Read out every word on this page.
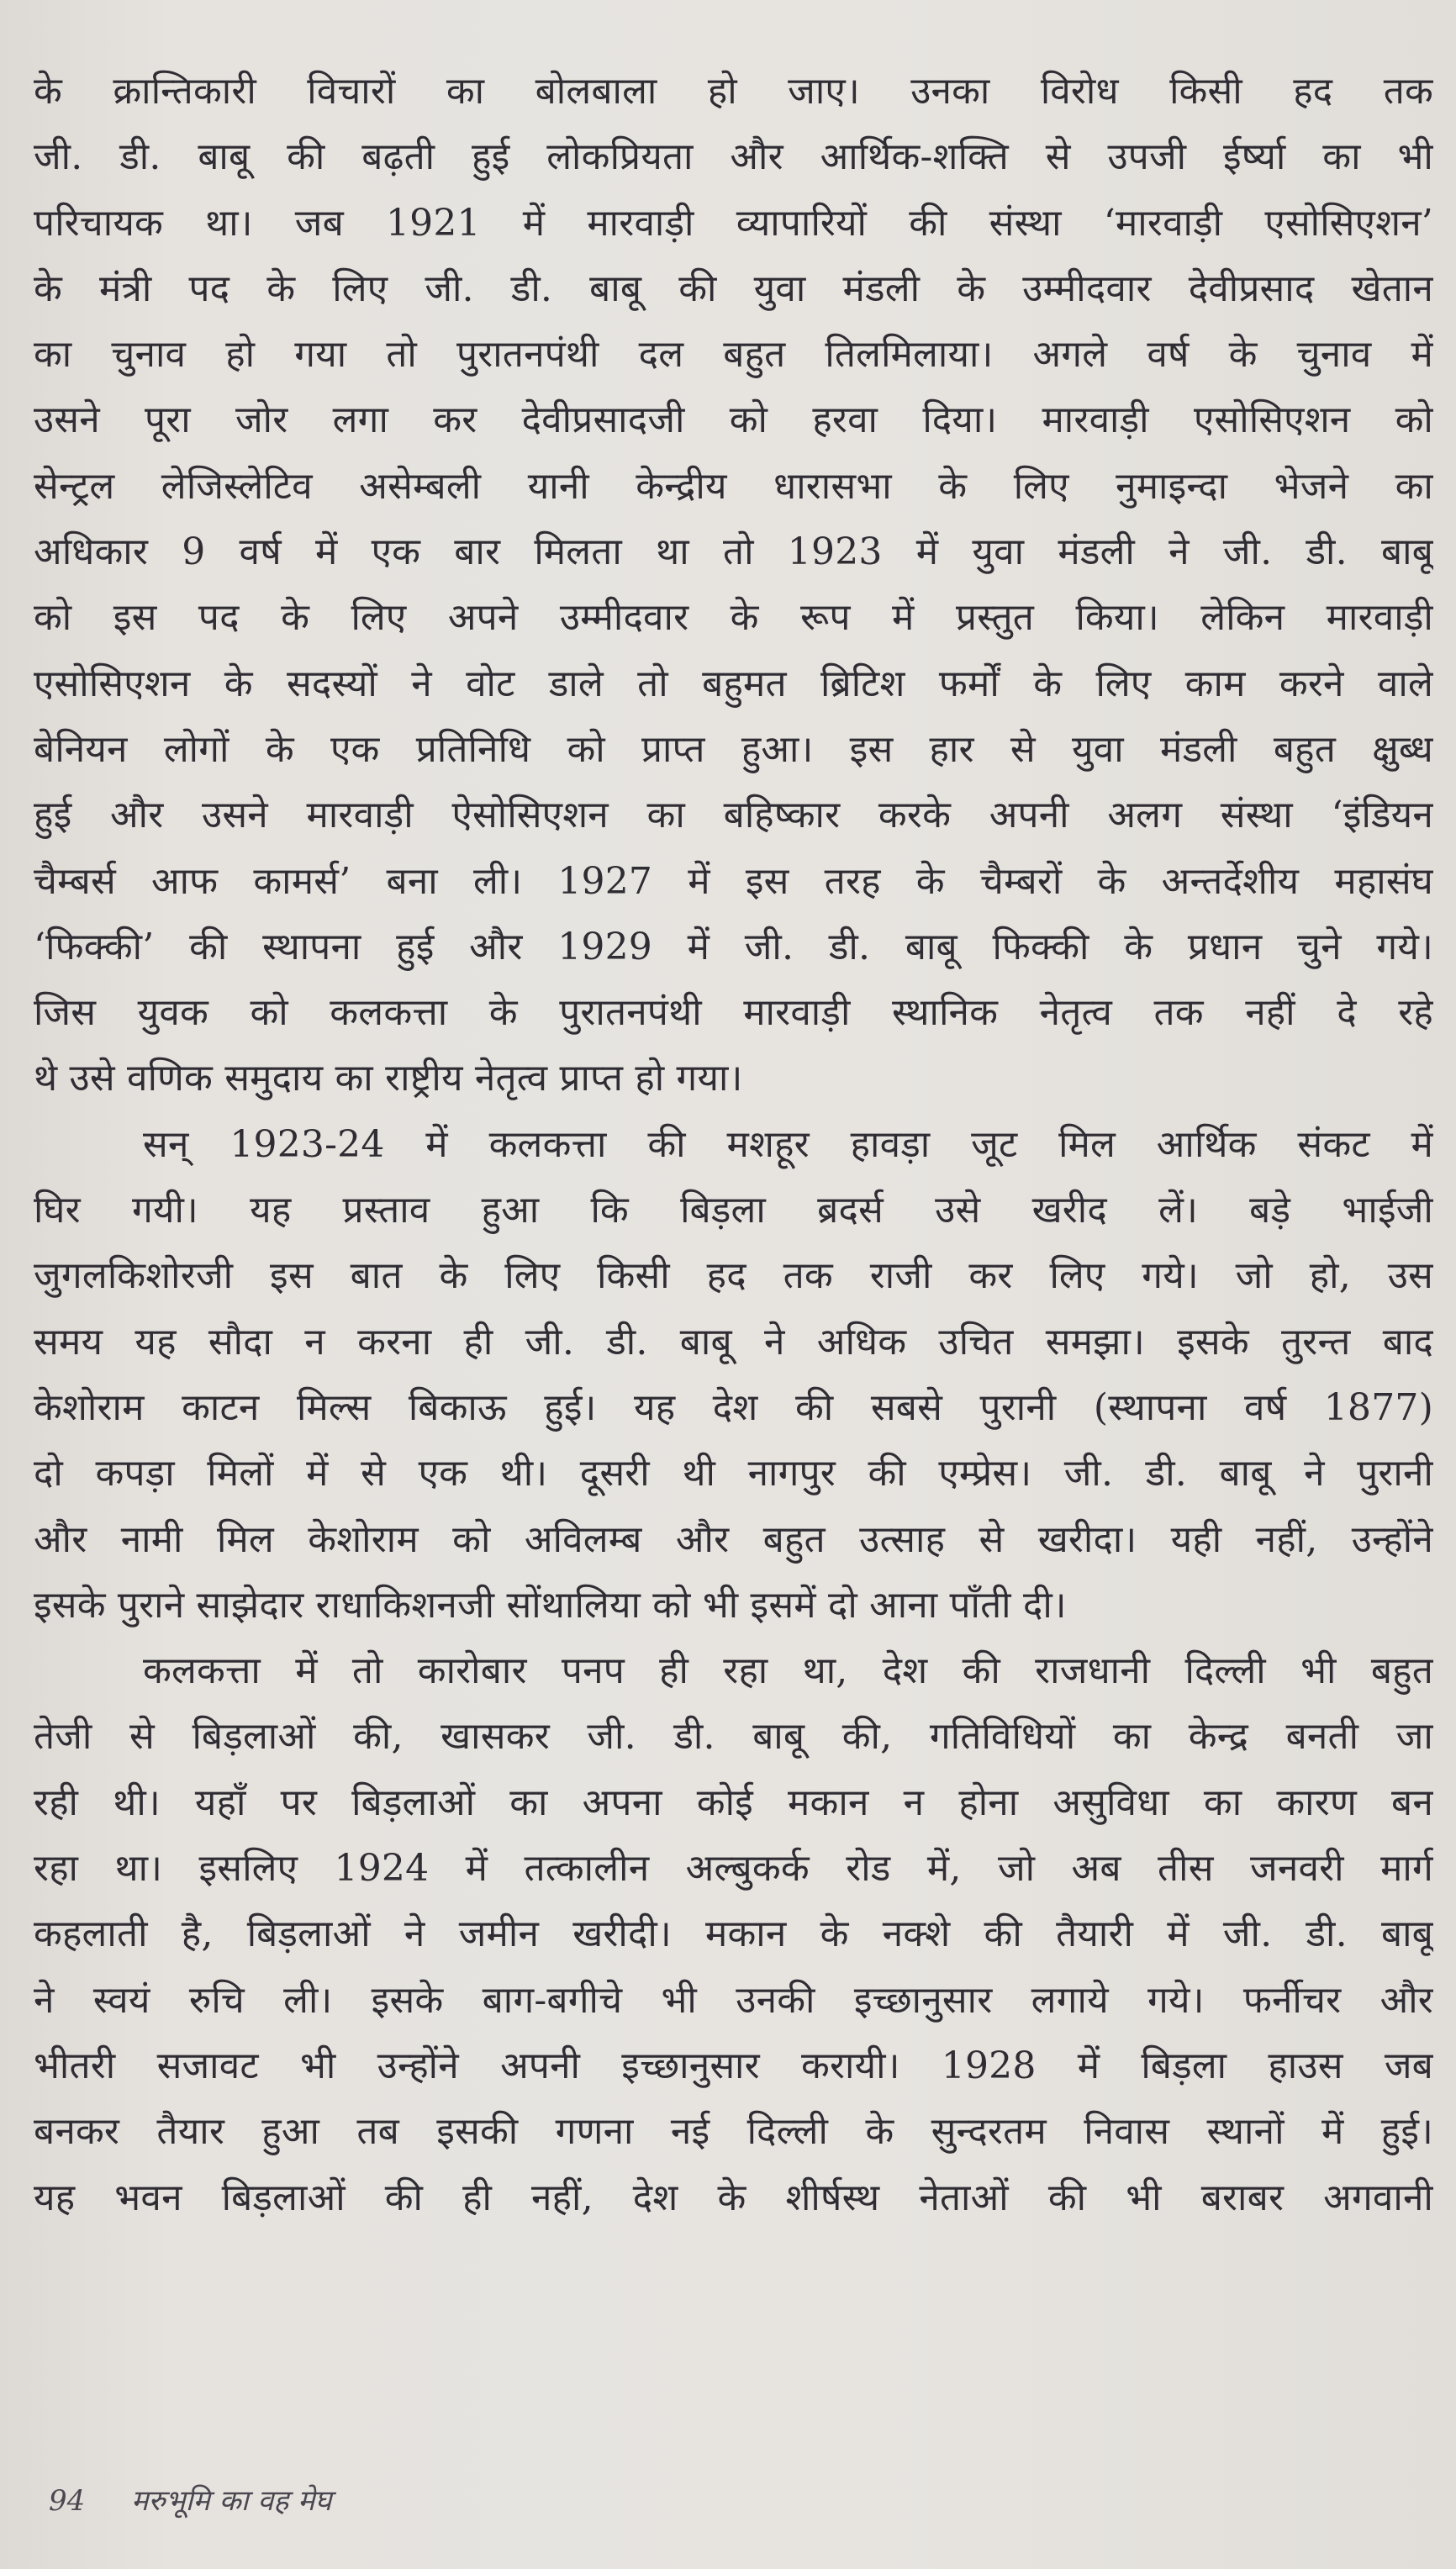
के क्रान्तिकारी विचारों का बोलबाला हो जाए। उनका विरोध किसी हद तक
जी. डी. बाबू की बढ़ती हुई लोकप्रियता और आर्थिक-शक्ति से उपजी ईर्ष्या का भी
परिचायक था। जब 1921 में मारवाड़ी व्यापारियों की संस्था ‘मारवाड़ी एसोसिएशन’
के मंत्री पद के लिए जी. डी. बाबू की युवा मंडली के उम्मीदवार देवीप्रसाद खेतान
का चुनाव हो गया तो पुरातनपंथी दल बहुत तिलमिलाया। अगले वर्ष के चुनाव में
उसने पूरा जोर लगा कर देवीप्रसादजी को हरवा दिया। मारवाड़ी एसोसिएशन को
सेन्ट्रल लेजिस्लेटिव असेम्बली यानी केन्द्रीय धारासभा के लिए नुमाइन्दा भेजने का
अधिकार 9 वर्ष में एक बार मिलता था तो 1923 में युवा मंडली ने जी. डी. बाबू
को इस पद के लिए अपने उम्मीदवार के रूप में प्रस्तुत किया। लेकिन मारवाड़ी
एसोसिएशन के सदस्यों ने वोट डाले तो बहुमत ब्रिटिश फर्मों के लिए काम करने वाले
बेनियन लोगों के एक प्रतिनिधि को प्राप्त हुआ। इस हार से युवा मंडली बहुत क्षुब्ध
हुई और उसने मारवाड़ी ऐसोसिएशन का बहिष्कार करके अपनी अलग संस्था ‘इंडियन
चैम्बर्स आफ कामर्स’ बना ली। 1927 में इस तरह के चैम्बरों के अन्तर्देशीय महासंघ
‘फिक्की’ की स्थापना हुई और 1929 में जी. डी. बाबू फिक्की के प्रधान चुने गये।
जिस युवक को कलकत्ता के पुरातनपंथी मारवाड़ी स्थानिक नेतृत्व तक नहीं दे रहे
थे उसे वणिक समुदाय का राष्ट्रीय नेतृत्व प्राप्त हो गया।
सन् 1923-24 में कलकत्ता की मशहूर हावड़ा जूट मिल आर्थिक संकट में
घिर गयी। यह प्रस्ताव हुआ कि बिड़ला ब्रदर्स उसे खरीद लें। बड़े भाईजी
जुगलकिशोरजी इस बात के लिए किसी हद तक राजी कर लिए गये। जो हो, उस
समय यह सौदा न करना ही जी. डी. बाबू ने अधिक उचित समझा। इसके तुरन्त बाद
केशोराम काटन मिल्स बिकाऊ हुई। यह देश की सबसे पुरानी (स्थापना वर्ष 1877)
दो कपड़ा मिलों में से एक थी। दूसरी थी नागपुर की एम्प्रेस। जी. डी. बाबू ने पुरानी
और नामी मिल केशोराम को अविलम्ब और बहुत उत्साह से खरीदा। यही नहीं, उन्होंने
इसके पुराने साझेदार राधाकिशनजी सोंथालिया को भी इसमें दो आना पाँती दी।
कलकत्ता में तो कारोबार पनप ही रहा था, देश की राजधानी दिल्ली भी बहुत
तेजी से बिड़लाओं की, खासकर जी. डी. बाबू की, गतिविधियों का केन्द्र बनती जा
रही थी। यहाँ पर बिड़लाओं का अपना कोई मकान न होना असुविधा का कारण बन
रहा था। इसलिए 1924 में तत्कालीन अल्बुकर्क रोड में, जो अब तीस जनवरी मार्ग
कहलाती है, बिड़लाओं ने जमीन खरीदी। मकान के नक्शे की तैयारी में जी. डी. बाबू
ने स्वयं रुचि ली। इसके बाग-बगीचे भी उनकी इच्छानुसार लगाये गये। फर्नीचर और
भीतरी सजावट भी उन्होंने अपनी इच्छानुसार करायी। 1928 में बिड़ला हाउस जब
बनकर तैयार हुआ तब इसकी गणना नई दिल्ली के सुन्दरतम निवास स्थानों में हुई।
यह भवन बिड़लाओं की ही नहीं, देश के शीर्षस्थ नेताओं की भी बराबर अगवानी
94 मरुभूमि का वह मेघ
